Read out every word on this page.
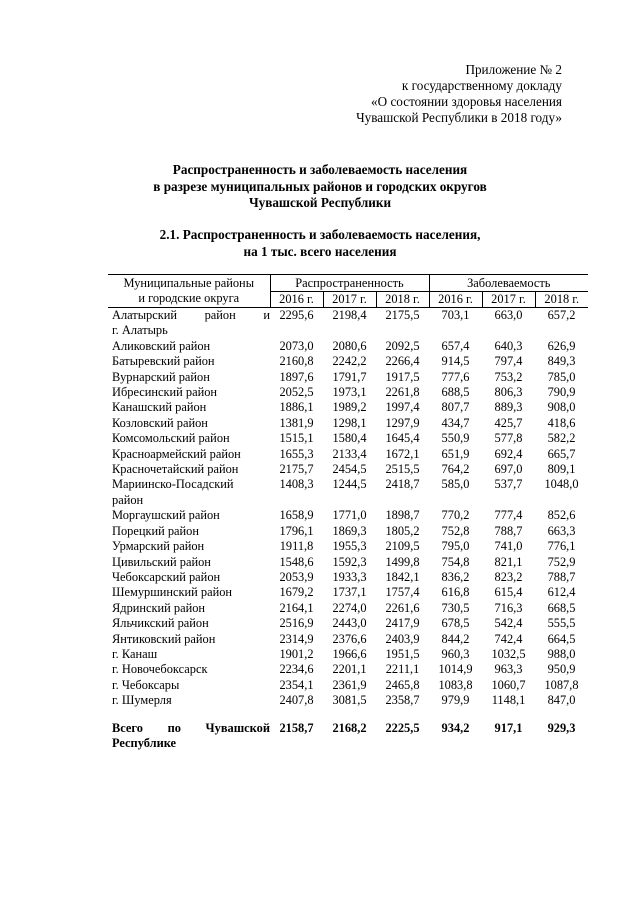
Приложение № 2
к государственному докладу
«О состоянии здоровья населения
Чувашской Республики в 2018 году»
Распространенность и заболеваемость населения
в разрезе муниципальных районов и городских округов
Чувашской Республики
2.1. Распространенность и заболеваемость населения,
на 1 тыс. всего населения
Муниципальные районы
и городские округа	Распространенность			Заболеваемость		
	2016 г.	2017 г.	2018 г.	2016 г.	2017 г.	2018 г.

Алатырский район и
г. Алатырь	2295,6	2198,4	2175,5	703,1	663,0	657,2

Аликовский район	2073,0	2080,6	2092,5	657,4	640,3	626,9

Батыревский район	2160,8	2242,2	2266,4	914,5	797,4	849,3

Вурнарский район	1897,6	1791,7	1917,5	777,6	753,2	785,0

Ибресинский район	2052,5	1973,1	2261,8	688,5	806,3	790,9

Канашский район	1886,1	1989,2	1997,4	807,7	889,3	908,0

Козловский район	1381,9	1298,1	1297,9	434,7	425,7	418,6

Комсомольский район	1515,1	1580,4	1645,4	550,9	577,8	582,2

Красноармейский район	1655,3	2133,4	1672,1	651,9	692,4	665,7

Красночетайский район	2175,7	2454,5	2515,5	764,2	697,0	809,1

Мариинско-Посадский
район	1408,3	1244,5	2418,7	585,0	537,7	1048,0

Моргаушский район	1658,9	1771,0	1898,7	770,2	777,4	852,6

Порецкий район	1796,1	1869,3	1805,2	752,8	788,7	663,3

Урмарский район	1911,8	1955,3	2109,5	795,0	741,0	776,1

Цивильский район	1548,6	1592,3	1499,8	754,8	821,1	752,9

Чебоксарский район	2053,9	1933,3	1842,1	836,2	823,2	788,7

Шемуршинский район	1679,2	1737,1	1757,4	616,8	615,4	612,4

Ядринский район	2164,1	2274,0	2261,6	730,5	716,3	668,5

Яльчикский район	2516,9	2443,0	2417,9	678,5	542,4	555,5

Янтиковский район	2314,9	2376,6	2403,9	844,2	742,4	664,5

г. Канаш	1901,2	1966,6	1951,5	960,3	1032,5	988,0

г. Новочебоксарск	2234,6	2201,1	2211,1	1014,9	963,3	950,9

г. Чебоксары	2354,1	2361,9	2465,8	1083,8	1060,7	1087,8

г. Шумерля	2407,8	3081,5	2358,7	979,9	1148,1	847,0

Всего по Чувашской
Республике	2158,7	2168,2	2225,5	934,2	917,1	929,3
